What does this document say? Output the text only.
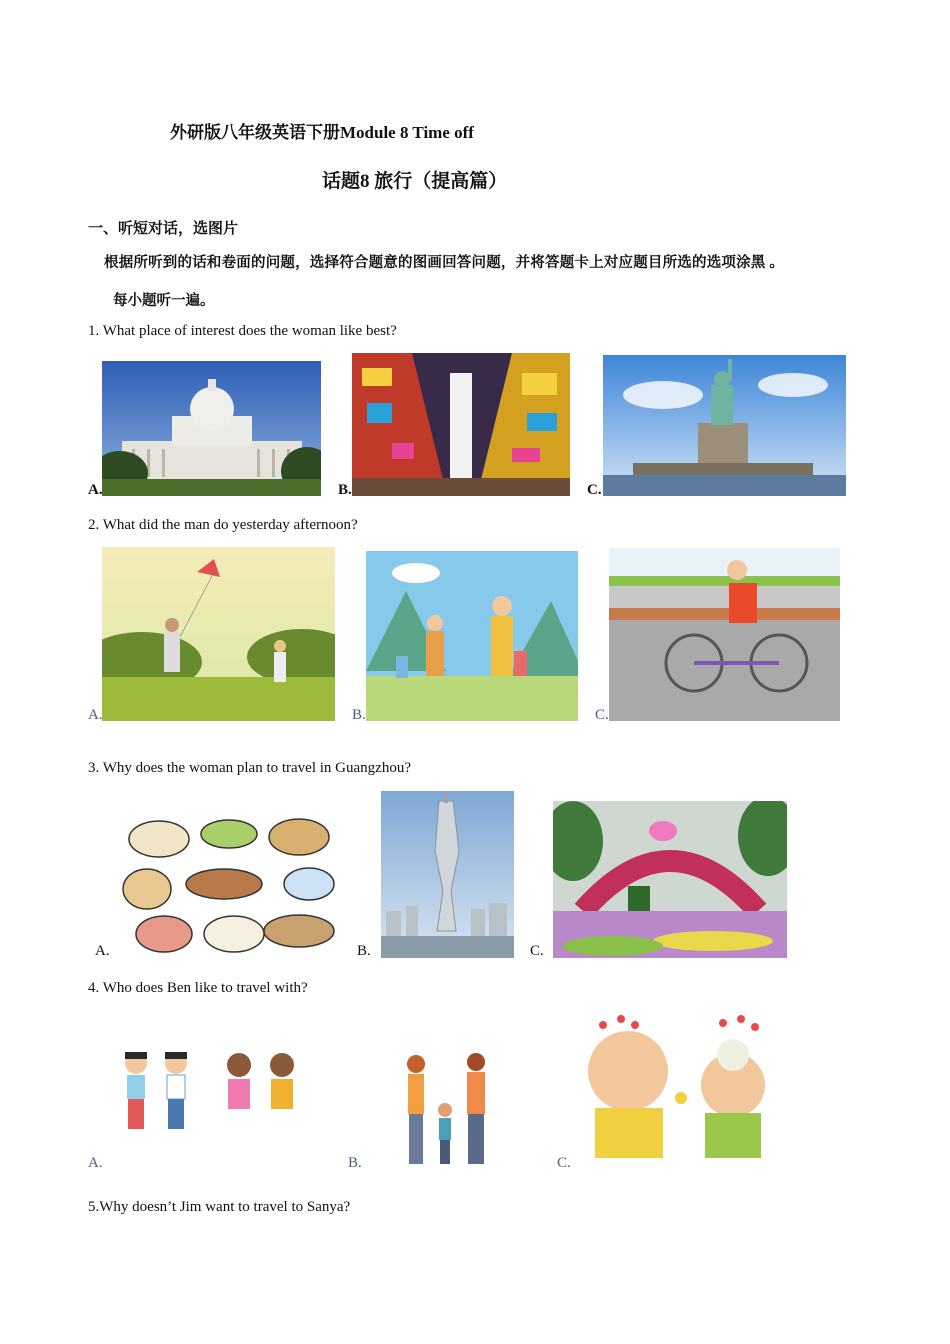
外研版八年级英语下册Module 8 Time off
话题8 旅行（提高篇）
一、听短对话，选图片
根据所听到的话和卷面的问题，选择符合题意的图画回答问题，并将答题卡上对应题目所选的选项涂黑 。
每小题听一遍。
1. What place of interest does the woman like best?
A.	B.	C.
2. What did the man do yesterday afternoon?
A.	B.	C.
3. Why does the woman plan to travel in Guangzhou?
A.	B.	C.
4. Who does Ben like to travel with?
A.	B.	C.
5.Why doesn’t Jim want to travel to Sanya?
